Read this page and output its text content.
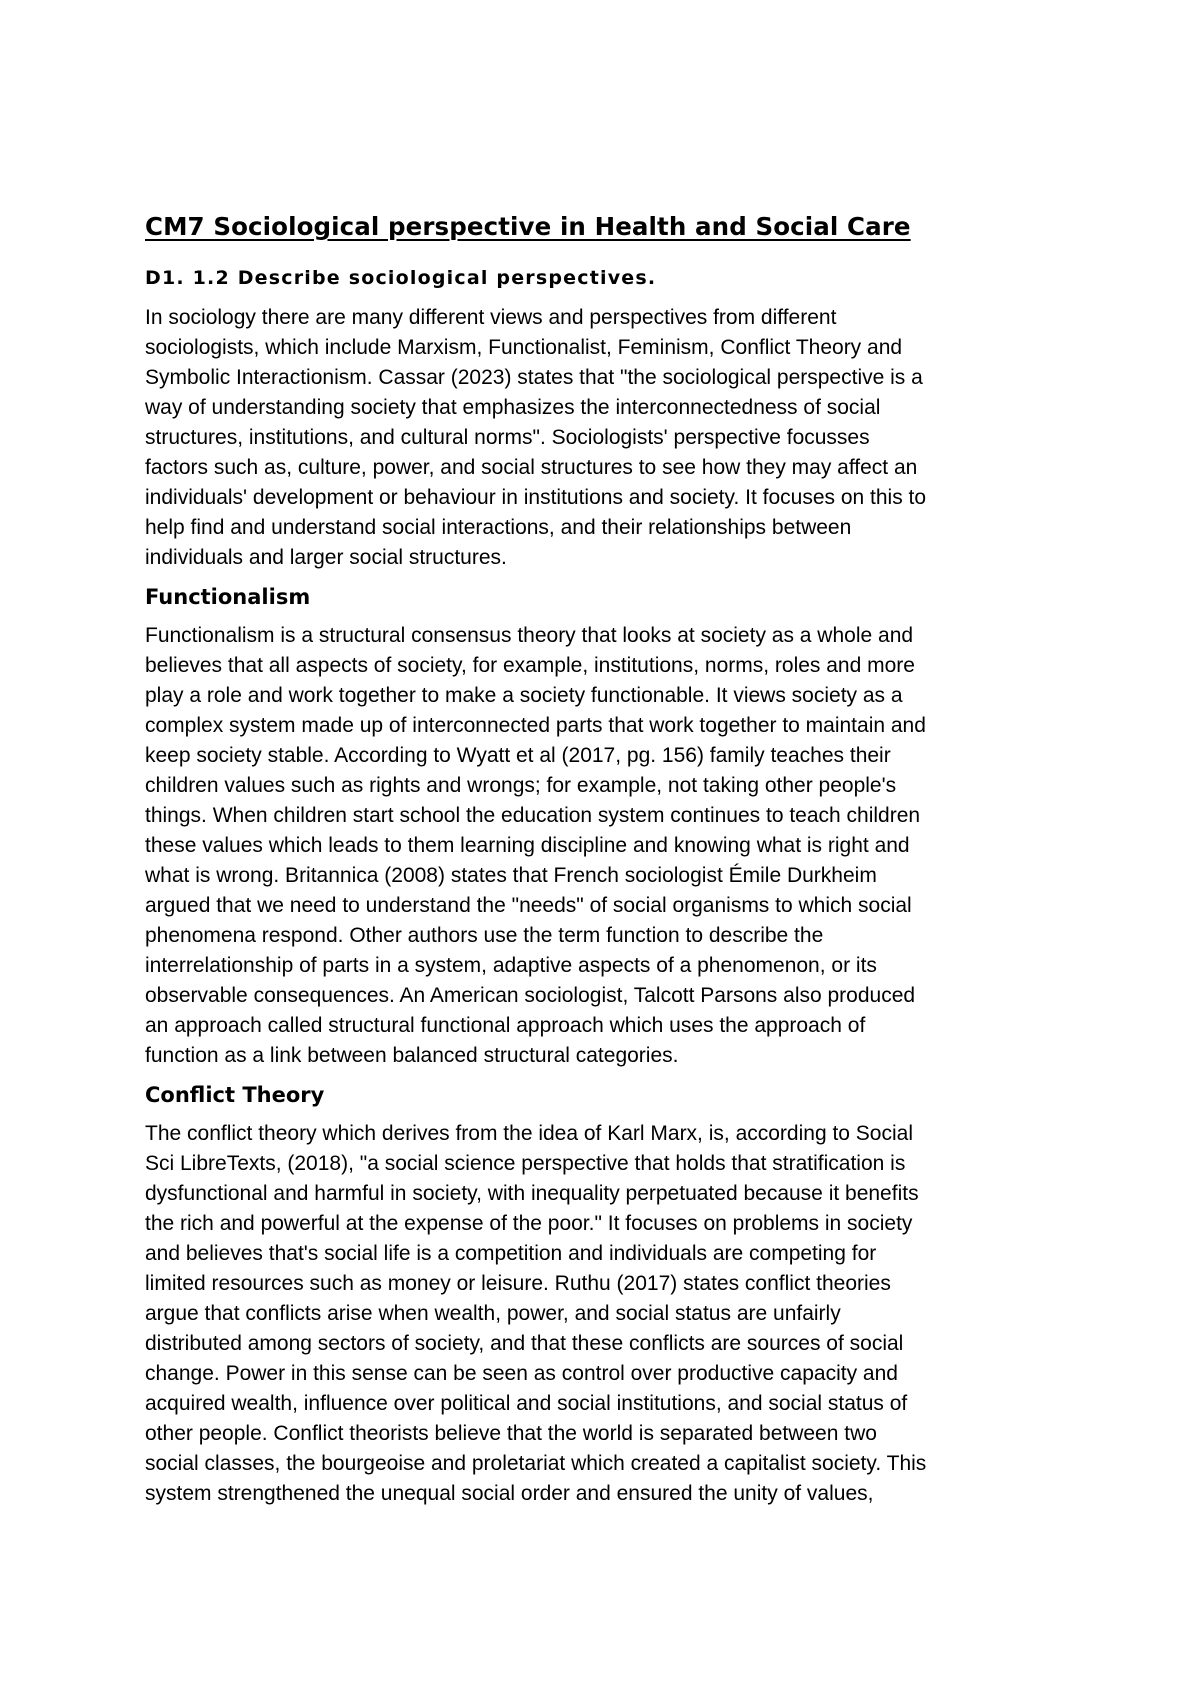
CM7 Sociological perspective in Health and Social Care
D1. 1.2 Describe sociological perspectives.
In sociology there are many different views and perspectives from different
sociologists, which include Marxism, Functionalist, Feminism, Conflict Theory and
Symbolic Interactionism. Cassar (2023) states that "the sociological perspective is a
way of understanding society that emphasizes the interconnectedness of social
structures, institutions, and cultural norms". Sociologists' perspective focusses
factors such as, culture, power, and social structures to see how they may affect an
individuals' development or behaviour in institutions and society. It focuses on this to
help find and understand social interactions, and their relationships between
individuals and larger social structures.
Functionalism
Functionalism is a structural consensus theory that looks at society as a whole and
believes that all aspects of society, for example, institutions, norms, roles and more
play a role and work together to make a society functionable. It views society as a
complex system made up of interconnected parts that work together to maintain and
keep society stable. According to Wyatt et al (2017, pg. 156) family teaches their
children values such as rights and wrongs; for example, not taking other people's
things. When children start school the education system continues to teach children
these values which leads to them learning discipline and knowing what is right and
what is wrong. Britannica (2008) states that French sociologist Émile Durkheim
argued that we need to understand the "needs" of social organisms to which social
phenomena respond. Other authors use the term function to describe the
interrelationship of parts in a system, adaptive aspects of a phenomenon, or its
observable consequences. An American sociologist, Talcott Parsons also produced
an approach called structural functional approach which uses the approach of
function as a link between balanced structural categories.
Conflict Theory
The conflict theory which derives from the idea of Karl Marx, is, according to Social
Sci LibreTexts, (2018), "a social science perspective that holds that stratification is
dysfunctional and harmful in society, with inequality perpetuated because it benefits
the rich and powerful at the expense of the poor." It focuses on problems in society
and believes that's social life is a competition and individuals are competing for
limited resources such as money or leisure. Ruthu (2017) states conflict theories
argue that conflicts arise when wealth, power, and social status are unfairly
distributed among sectors of society, and that these conflicts are sources of social
change. Power in this sense can be seen as control over productive capacity and
acquired wealth, influence over political and social institutions, and social status of
other people. Conflict theorists believe that the world is separated between two
social classes, the bourgeoise and proletariat which created a capitalist society. This
system strengthened the unequal social order and ensured the unity of values,
